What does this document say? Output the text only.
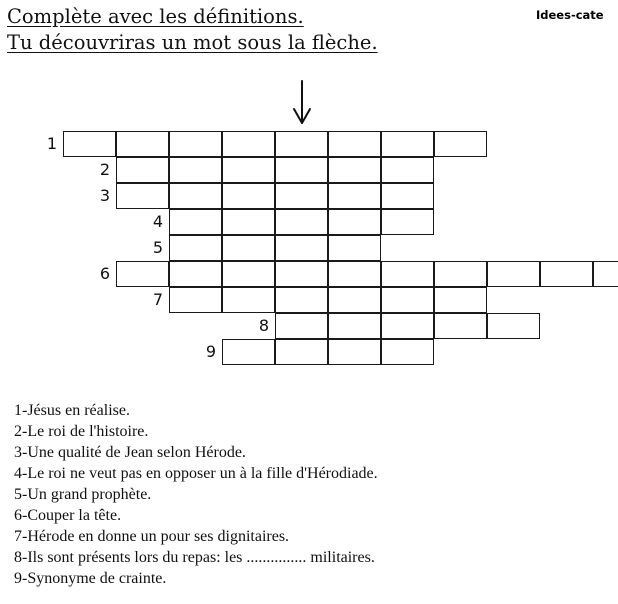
Complète avec les définitions.
Tu découvriras un mot sous la flèche.
Idees-cate
1
2
3
4
5
6
7
8
9
1-Jésus en réalise.
2-Le roi de l'histoire.
3-Une qualité de Jean selon Hérode.
4-Le roi ne veut pas en opposer un à la fille d'Hérodiade.
5-Un grand prophète.
6-Couper la tête.
7-Hérode en donne un pour ses dignitaires.
8-Ils sont présents lors du repas: les ............... militaires.
9-Synonyme de crainte.
